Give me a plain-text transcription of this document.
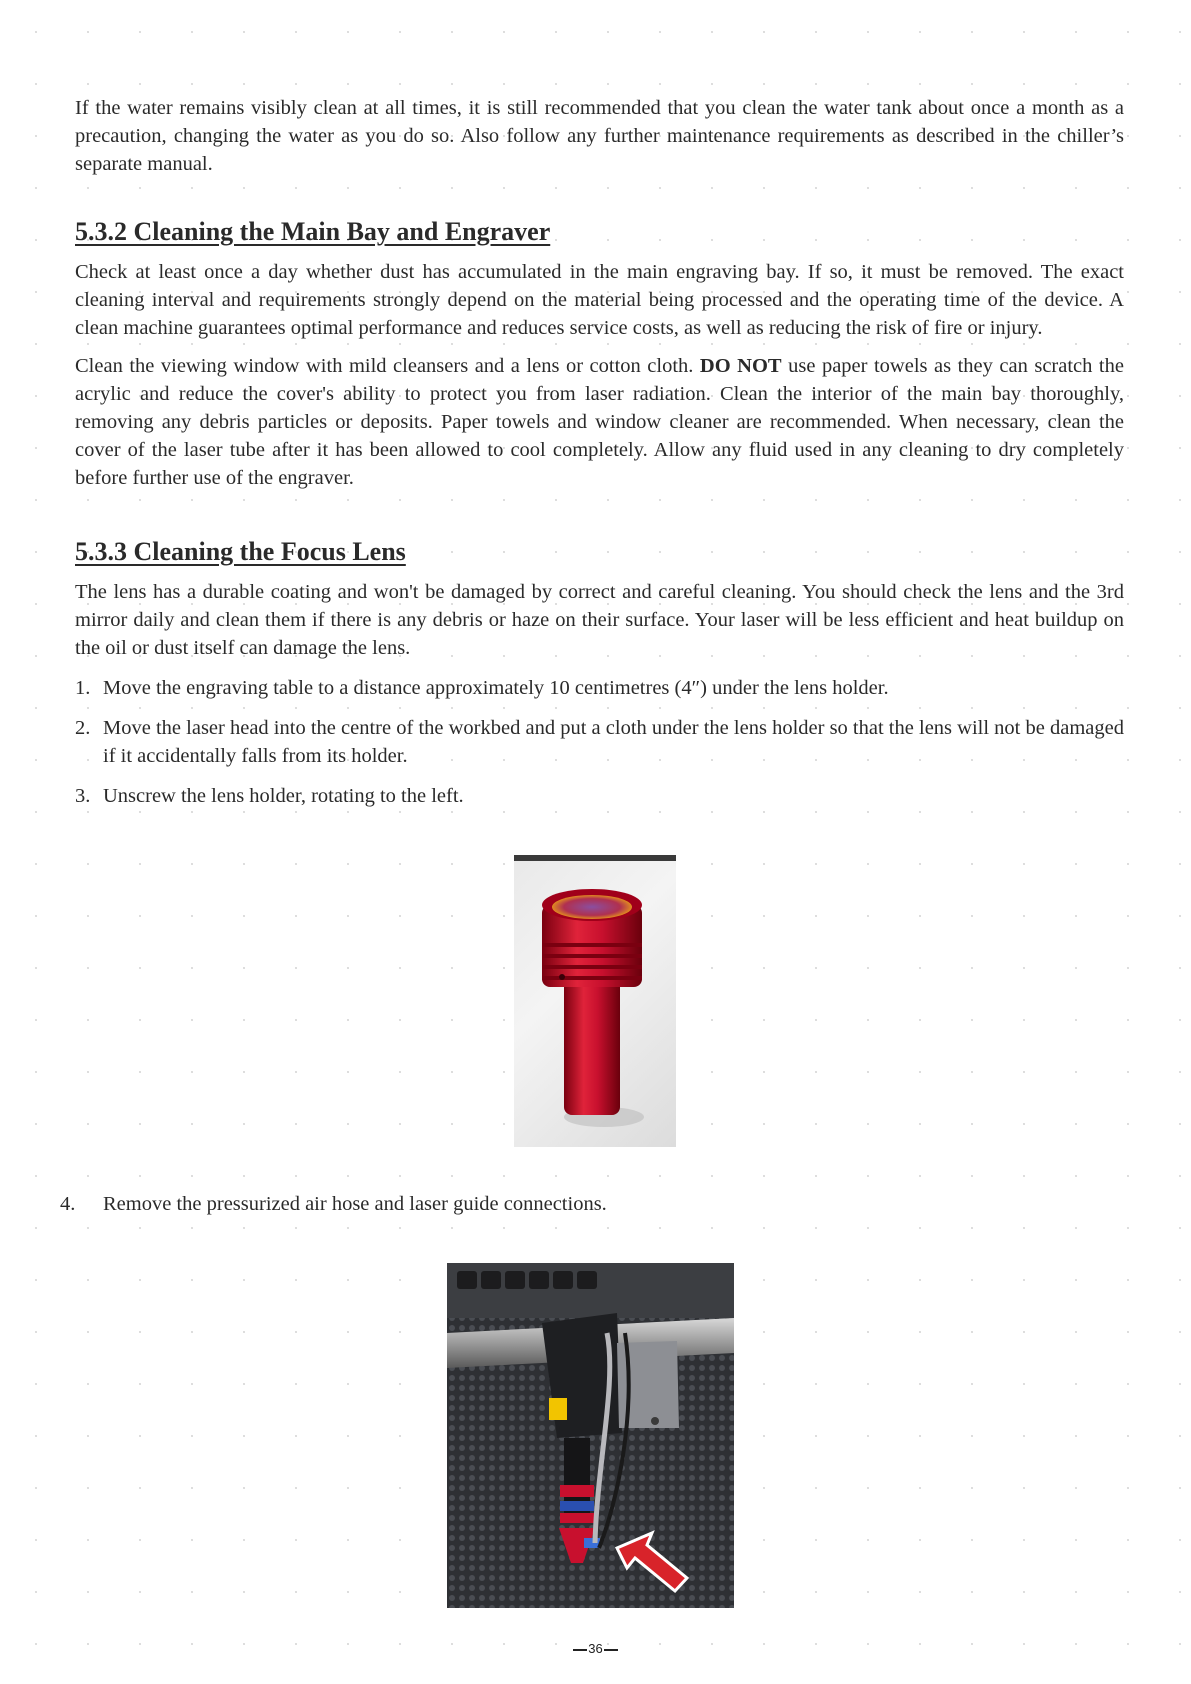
If the water remains visibly clean at all times, it is still recommended that you clean the water tank about once a month as a precaution, changing the water as you do so. Also follow any further maintenance requirements as described in the chiller’s separate manual.

5.3.2 Cleaning the Main Bay and Engraver

Check at least once a day whether dust has accumulated in the main engraving bay. If so, it must be removed. The exact cleaning interval and requirements strongly depend on the material being processed and the operating time of the device. A clean machine guarantees optimal performance and reduces service costs, as well as reducing the risk of fire or injury.

Clean the viewing window with mild cleansers and a lens or cotton cloth. DO NOT use paper towels as they can scratch the acrylic and reduce the cover's ability to protect you from laser radiation. Clean the interior of the main bay thoroughly, removing any debris particles or deposits. Paper towels and window cleaner are recommended. When necessary, clean the cover of the laser tube after it has been allowed to cool completely. Allow any fluid used in any cleaning to dry completely before further use of the engraver.

5.3.3 Cleaning the Focus Lens

The lens has a durable coating and won't be damaged by correct and careful cleaning. You should check the lens and the 3rd mirror daily and clean them if there is any debris or haze on their surface. Your laser will be less efficient and heat buildup on the oil or dust itself can damage the lens.

1. Move the engraving table to a distance approximately 10 centimetres (4″) under the lens holder.
2. Move the laser head into the centre of the workbed and put a cloth under the lens holder so that the lens will not be damaged if it accidentally falls from its holder.
3. Unscrew the lens holder, rotating to the left.
4.	Remove the pressurized air hose and laser guide connections.
36
